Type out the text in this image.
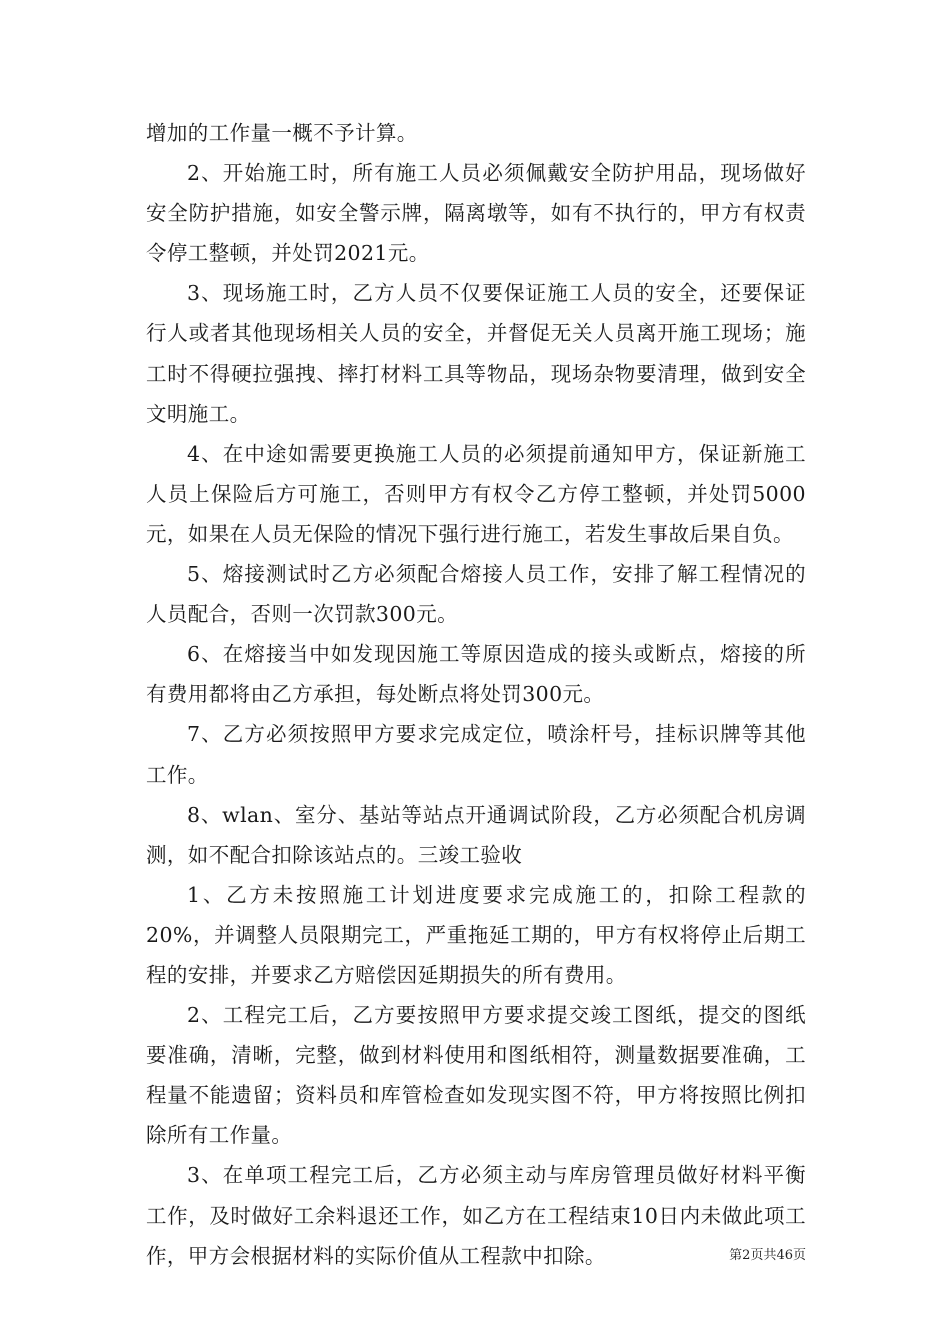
增加的工作量一概不予计算。

2、开始施工时，所有施工人员必须佩戴安全防护用品，现场做好安全防护措施，如安全警示牌，隔离墩等，如有不执行的，甲方有权责令停工整顿，并处罚2021元。

3、现场施工时，乙方人员不仅要保证施工人员的安全，还要保证行人或者其他现场相关人员的安全，并督促无关人员离开施工现场；施工时不得硬拉强拽、摔打材料工具等物品，现场杂物要清理，做到安全文明施工。

4、在中途如需要更换施工人员的必须提前通知甲方，保证新施工人员上保险后方可施工，否则甲方有权令乙方停工整顿，并处罚5000元，如果在人员无保险的情况下强行进行施工，若发生事故后果自负。

5、熔接测试时乙方必须配合熔接人员工作，安排了解工程情况的人员配合，否则一次罚款300元。

6、在熔接当中如发现因施工等原因造成的接头或断点，熔接的所有费用都将由乙方承担，每处断点将处罚300元。

7、乙方必须按照甲方要求完成定位，喷涂杆号，挂标识牌等其他工作。

8、wlan、室分、基站等站点开通调试阶段，乙方必须配合机房调测，如不配合扣除该站点的。三竣工验收

1、乙方未按照施工计划进度要求完成施工的，扣除工程款的20%，并调整人员限期完工，严重拖延工期的，甲方有权将停止后期工程的安排，并要求乙方赔偿因延期损失的所有费用。

2、工程完工后，乙方要按照甲方要求提交竣工图纸，提交的图纸要准确，清晰，完整，做到材料使用和图纸相符，测量数据要准确，工程量不能遗留；资料员和库管检查如发现实图不符，甲方将按照比例扣除所有工作量。

3、在单项工程完工后，乙方必须主动与库房管理员做好材料平衡工作，及时做好工余料退还工作，如乙方在工程结束10日内未做此项工作，甲方会根据材料的实际价值从工程款中扣除。	第2页共46页
